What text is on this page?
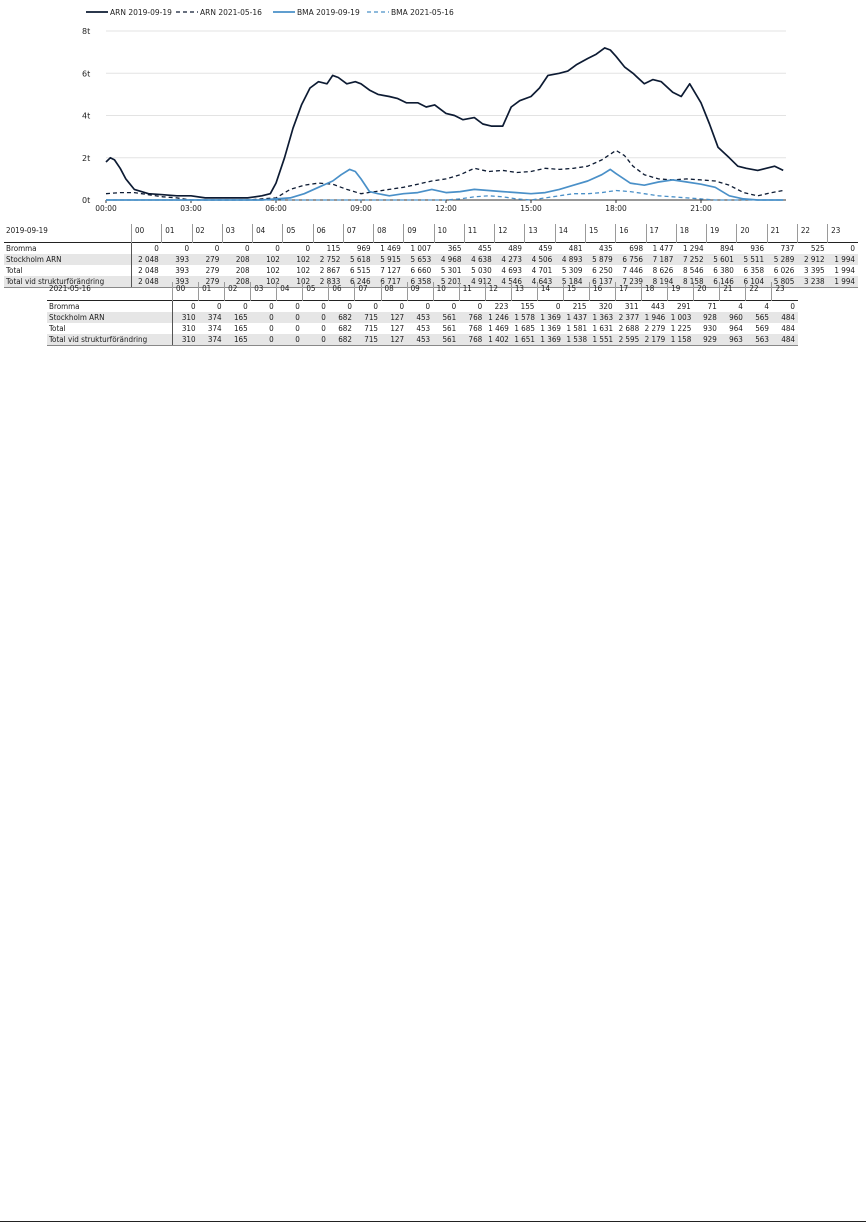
ARN 2019-09-19	ARN 2021-05-16	BMA 2019-09-19	BMA 2021-05-16
0t
2t
4t
6t
8t
00:00	03:00	06:00	09:00	12:00	15:00	18:00	21:00
2019-09-19	00	01	02	03	04	05	06	07	08	09	10	11	12	13	14	15	16	17	18	19	20	21	22	23
Bromma	0	0	0	0	0	0	115	969	1 469	1 007	365	455	489	459	481	435	698	1 477	1 294	894	936	737	525	0
Stockholm ARN	2 048	393	279	208	102	102	2 752	5 618	5 915	5 653	4 968	4 638	4 273	4 506	4 893	5 879	6 756	7 187	7 252	5 601	5 511	5 289	2 912	1 994
Total	2 048	393	279	208	102	102	2 867	6 515	7 127	6 660	5 301	5 030	4 693	4 701	5 309	6 250	7 446	8 626	8 546	6 380	6 358	6 026	3 395	1 994
Total vid strukturförändring	2 048	393	279	208	102	102	2 833	6 246	6 717	6 358	5 201	4 912	4 546	4 643	5 184	6 137	7 239	8 194	8 158	6 146	6 104	5 805	3 238	1 994
2021-05-16	00	01	02	03	04	05	06	07	08	09	10	11	12	13	14	15	16	17	18	19	20	21	22	23
Bromma	0	0	0	0	0	0	0	0	0	0	0	0	223	155	0	215	320	311	443	291	71	4	4	0
Stockholm ARN	310	374	165	0	0	0	682	715	127	453	561	768	1 246	1 578	1 369	1 437	1 363	2 377	1 946	1 003	928	960	565	484
Total	310	374	165	0	0	0	682	715	127	453	561	768	1 469	1 685	1 369	1 581	1 631	2 688	2 279	1 225	930	964	569	484
Total vid strukturförändring	310	374	165	0	0	0	682	715	127	453	561	768	1 402	1 651	1 369	1 538	1 551	2 595	2 179	1 158	929	963	563	484
